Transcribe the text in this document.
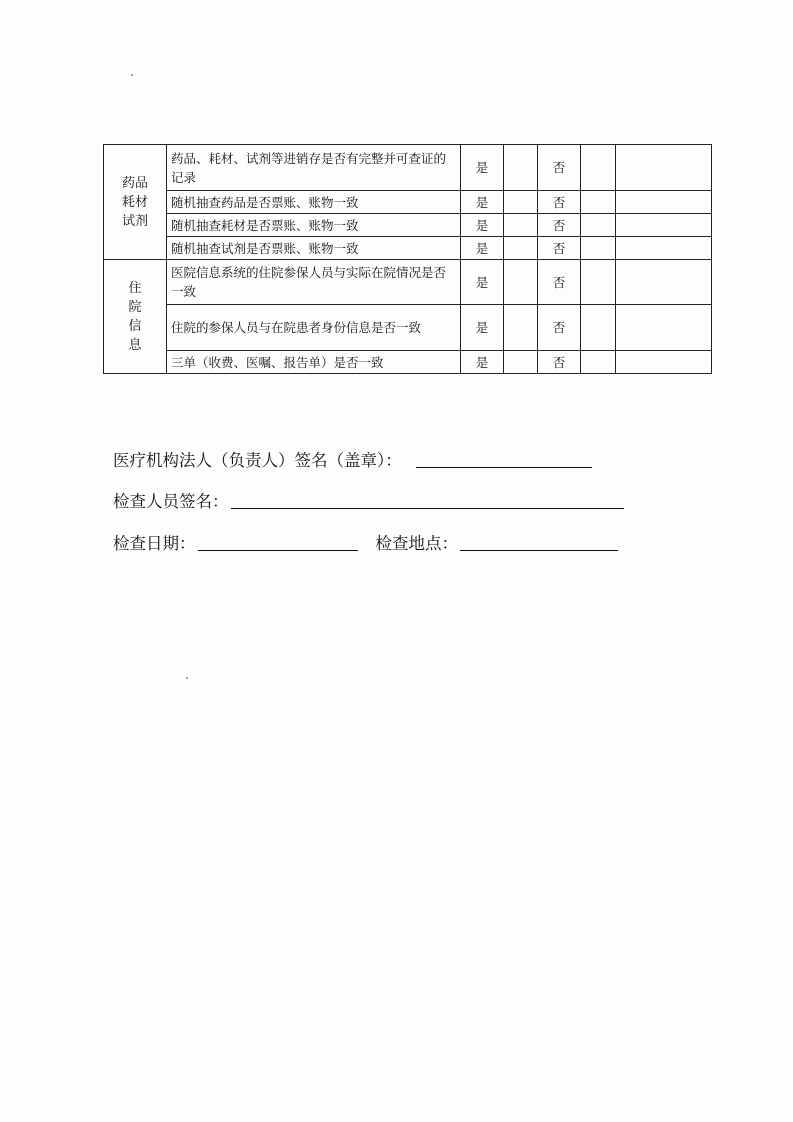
药品
耗材
试剂	药品、耗材、试剂等进销存是否有完整并可查证的记录	是		否		
	随机抽查药品是否票账、账物一致	是		否		
	随机抽查耗材是否票账、账物一致	是		否		
	随机抽查试剂是否票账、账物一致	是		否		

住
院
信
息	医院信息系统的住院参保人员与实际在院情况是否一致	是		否		
	住院的参保人员与在院患者身份信息是否一致	是		否		
	三单（收费、医嘱、报告单）是否一致	是		否		
医疗机构法人（负责人）签名（盖章）：
检查人员签名：
检查日期：	检查地点：
